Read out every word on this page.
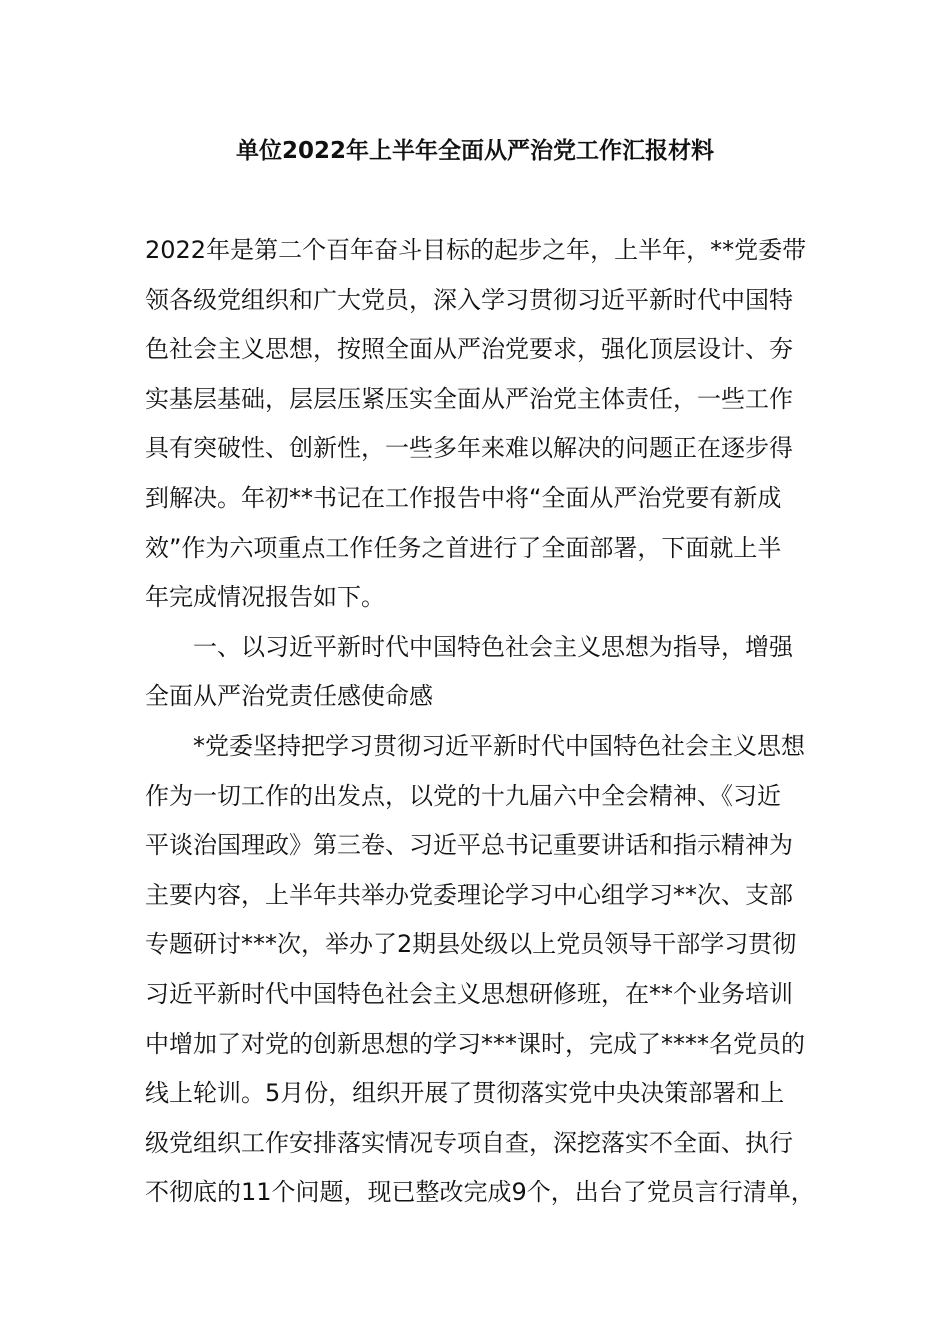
单位2022年上半年全面从严治党工作汇报材料
2022年是第二个百年奋斗目标的起步之年，上半年，**党委带
领各级党组织和广大党员，深入学习贯彻习近平新时代中国特
色社会主义思想，按照全面从严治党要求，强化顶层设计、夯
实基层基础，层层压紧压实全面从严治党主体责任，一些工作
具有突破性、创新性，一些多年来难以解决的问题正在逐步得
到解决。年初**书记在工作报告中将“全面从严治党要有新成
效”作为六项重点工作任务之首进行了全面部署，下面就上半
年完成情况报告如下。
一、以习近平新时代中国特色社会主义思想为指导，增强
全面从严治党责任感使命感
*党委坚持把学习贯彻习近平新时代中国特色社会主义思想
作为一切工作的出发点，以党的十九届六中全会精神、《习近
平谈治国理政》第三卷、习近平总书记重要讲话和指示精神为
主要内容，上半年共举办党委理论学习中心组学习**次、支部
专题研讨***次，举办了2期县处级以上党员领导干部学习贯彻
习近平新时代中国特色社会主义思想研修班，在**个业务培训
中增加了对党的创新思想的学习***课时，完成了****名党员的
线上轮训。5月份，组织开展了贯彻落实党中央决策部署和上
级党组织工作安排落实情况专项自查，深挖落实不全面、执行
不彻底的11个问题，现已整改完成9个，出台了党员言行清单，
